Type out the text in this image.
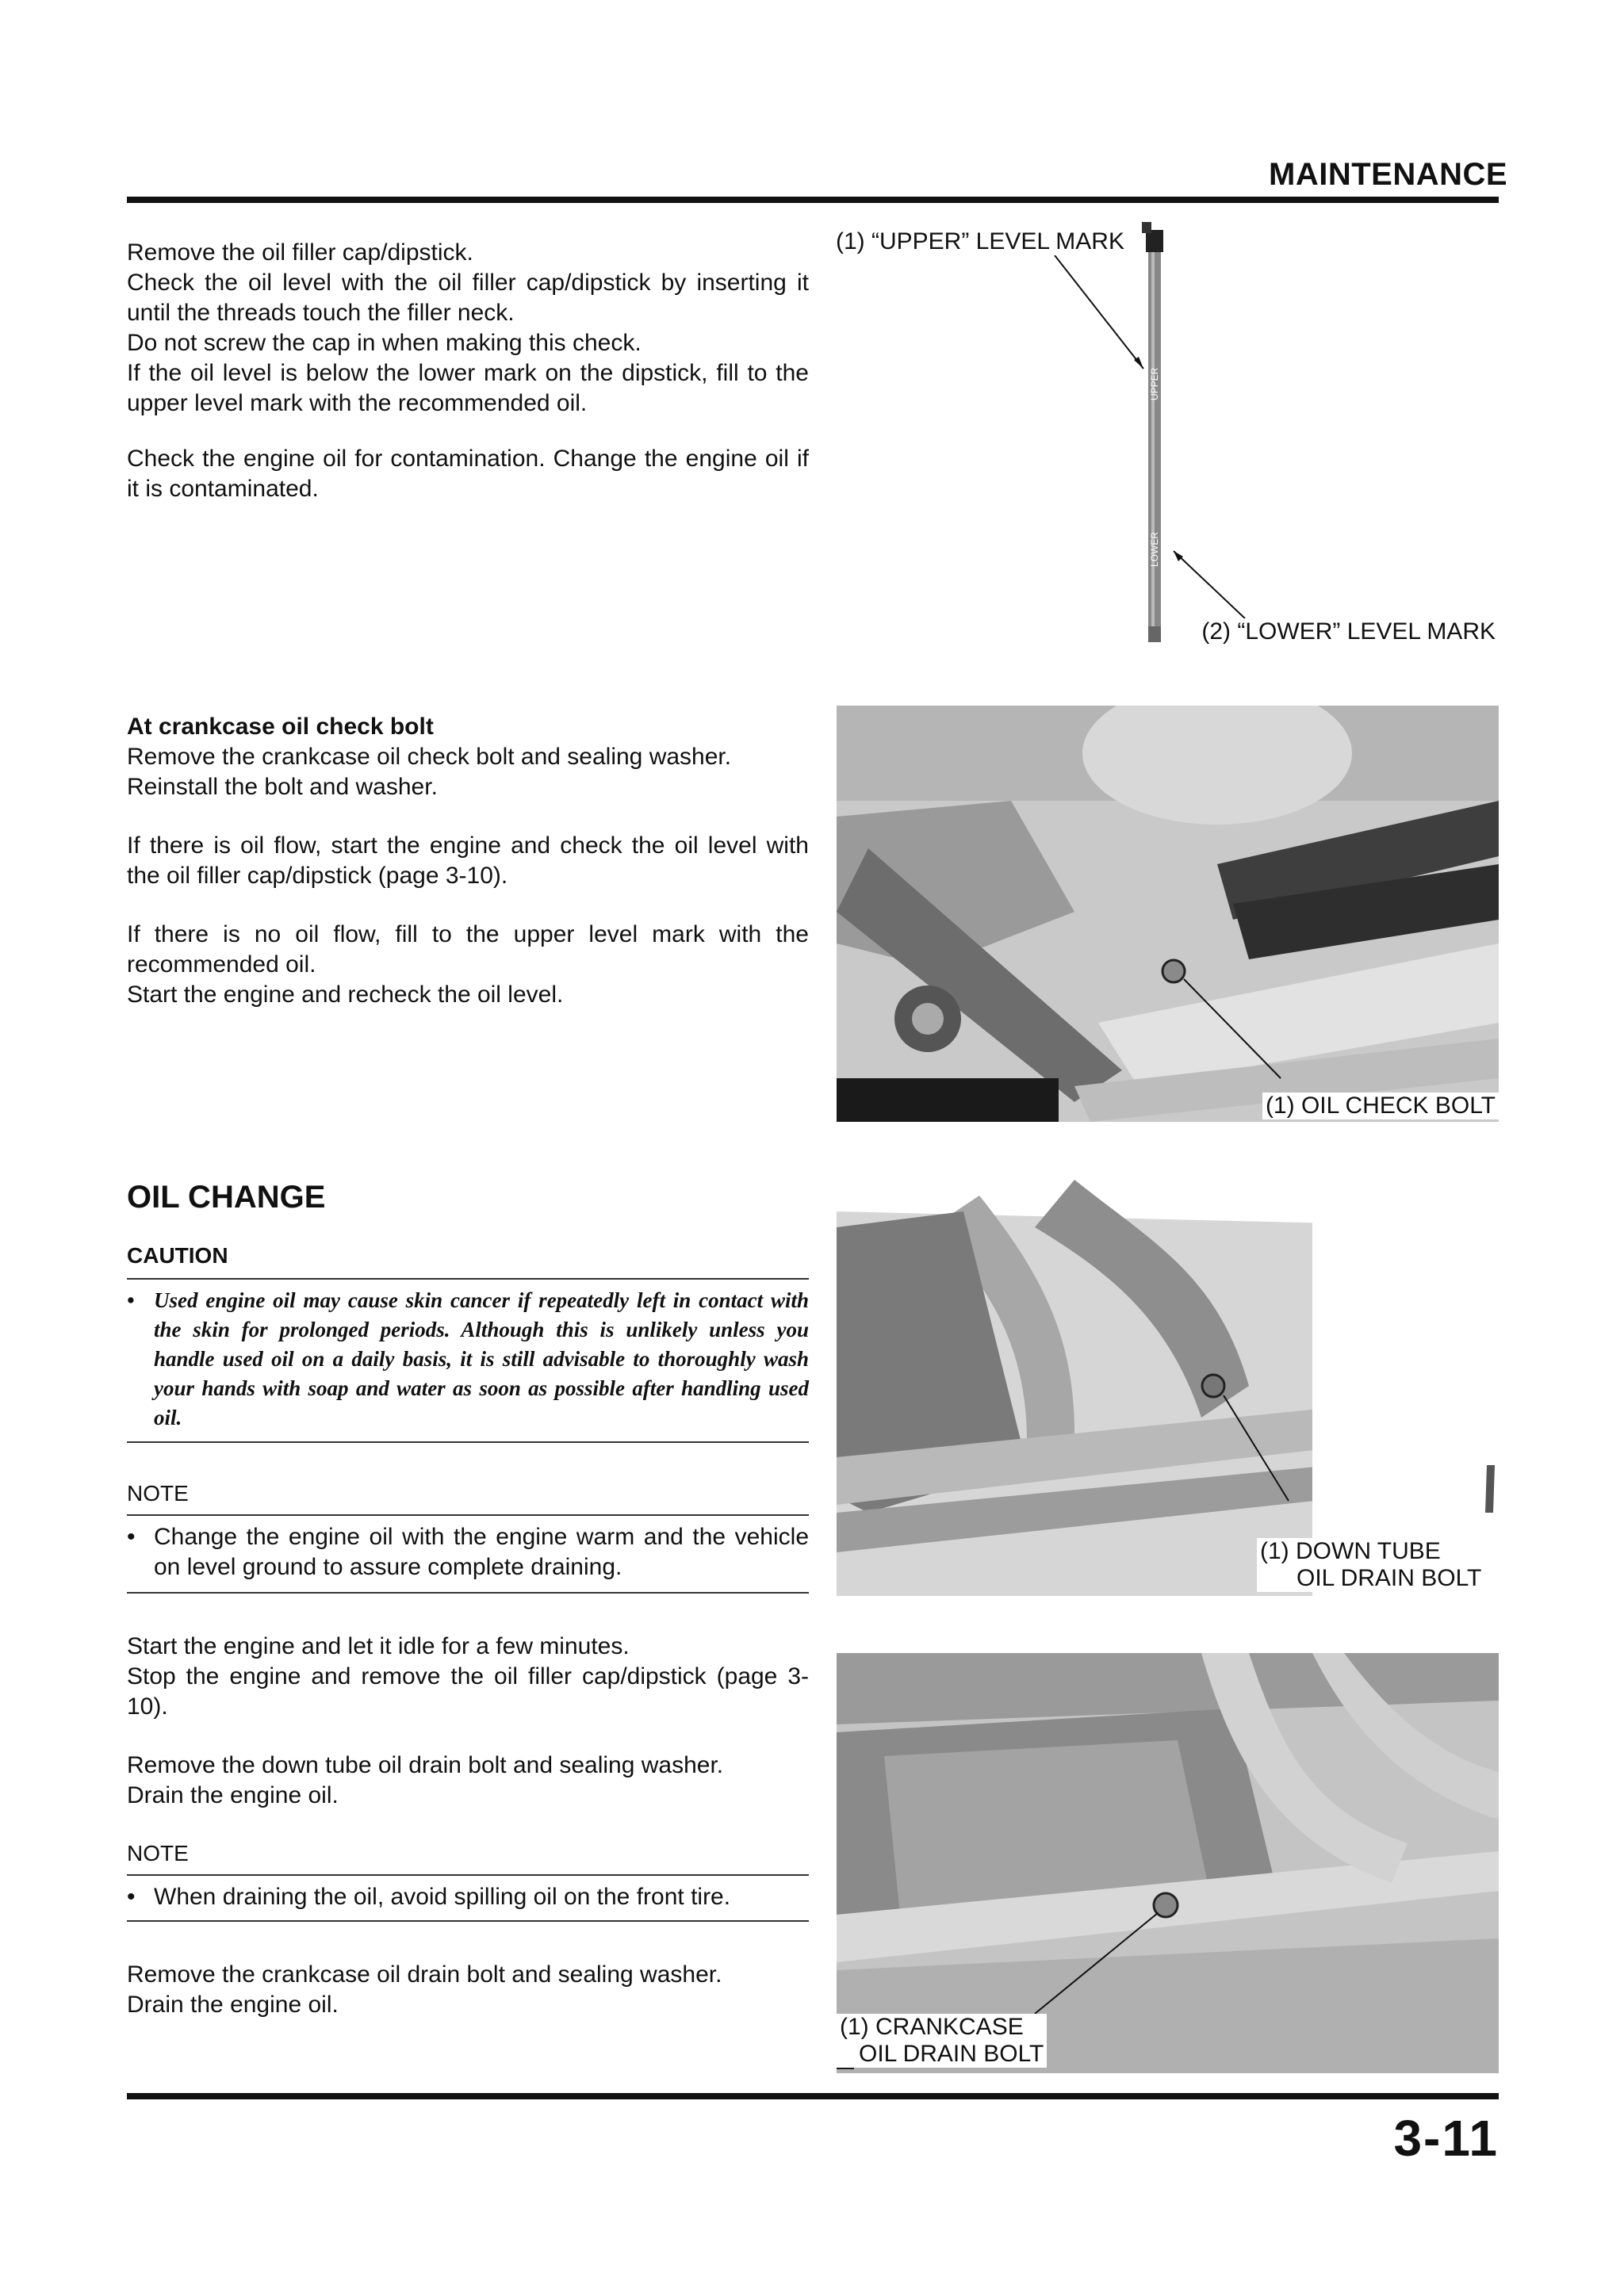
MAINTENANCE

Remove the oil filler cap/dipstick.

Check the oil level with the oil filler cap/dipstick by inserting it until the threads touch the filler neck.

Do not screw the cap in when making this check.

If the oil level is below the lower mark on the dipstick, fill to the upper level mark with the recommended oil.

Check the engine oil for contamination. Change the engine oil if it is contaminated.
UPPER
LOWER
(1) “UPPER” LEVEL MARK
(2) “LOWER” LEVEL MARK

At crankcase oil check bolt

Remove the crankcase oil check bolt and sealing washer.

Reinstall the bolt and washer.

If there is oil flow, start the engine and check the oil level with the oil filler cap/dipstick (page 3-10).

If there is no oil flow, fill to the upper level mark with the recommended oil.

Start the engine and recheck the oil level.

(1) OIL CHECK BOLT
OIL CHANGE
CAUTION
• Used engine oil may cause skin cancer if repeatedly left in contact with the skin for prolonged periods. Although this is unlikely unless you handle used oil on a daily basis, it is still advisable to thoroughly wash your hands with soap and water as soon as possible after handling used oil.
NOTE
• Change the engine oil with the engine warm and the vehicle on level ground to assure complete draining.

Start the engine and let it idle for a few minutes.

Stop the engine and remove the oil filler cap/dipstick (page 3-10).

Remove the down tube oil drain bolt and sealing washer.

Drain the engine oil.

NOTE
• When draining the oil, avoid spilling oil on the front tire.

Remove the crankcase oil drain bolt and sealing washer.

Drain the engine oil.

(1) DOWN TUBE
OIL DRAIN BOLT
(1) CRANKCASE
OIL DRAIN BOLT
3-11
